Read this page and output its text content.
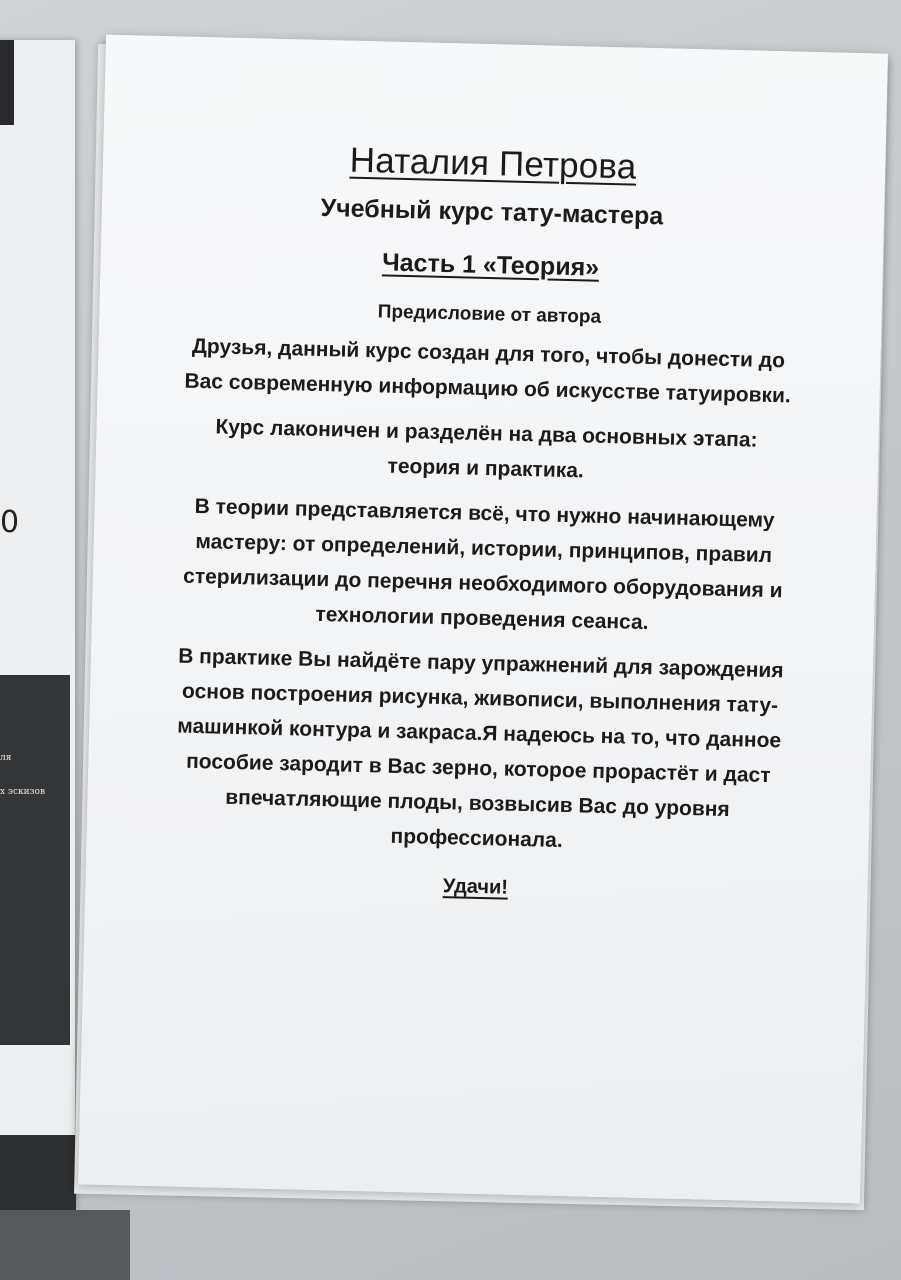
0
ля
х эскизов
Наталия Петрова
Учебный курс тату-мастера
Часть 1 «Теория»
Предисловие от автора
Друзья, данный курс создан для того, чтобы донести до
Вас современную информацию об искусстве татуировки.
Курс лаконичен и разделён на два основных этапа:
теория и практика.
В теории представляется всё, что нужно начинающему
мастеру: от определений, истории, принципов, правил
стерилизации до перечня необходимого оборудования и
технологии проведения сеанса.
В практике Вы найдёте пару упражнений для зарождения
основ построения рисунка, живописи, выполнения тату-
машинкой контура и закраса.Я надеюсь на то, что данное
пособие зародит в Вас зерно, которое прорастёт и даст
впечатляющие плоды, возвысив Вас до уровня
профессионала.
Удачи!
